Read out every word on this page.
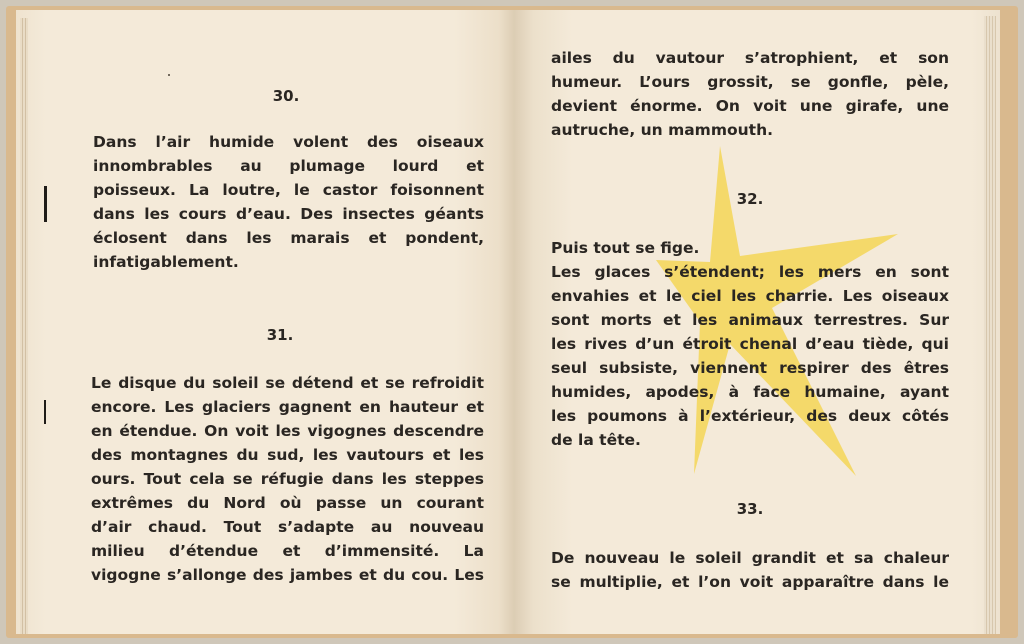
30.
Dans l’air humide volent des oiseaux
innombrables au plumage lourd et
poisseux. La loutre, le castor foisonnent
dans les cours d’eau. Des insectes géants
éclosent dans les marais et pondent,
infatigablement.
31.
Le disque du soleil se détend et se refroidit
encore. Les glaciers gagnent en hauteur et
en étendue. On voit les vigognes descendre
des montagnes du sud, les vautours et les
ours. Tout cela se réfugie dans les steppes
extrêmes du Nord où passe un courant
d’air chaud. Tout s’adapte au nouveau
milieu d’étendue et d’immensité. La
vigogne s’allonge des jambes et du cou. Les
ailes du vautour s’atrophient, et son
humeur. L’ours grossit, se gonfle, pèle,
devient énorme. On voit une girafe, une
autruche, un mammouth.
32.
Puis tout se fige.
Les glaces s’étendent; les mers en sont
envahies et le ciel les charrie. Les oiseaux
sont morts et les animaux terrestres. Sur
les rives d’un étroit chenal d’eau tiède, qui
seul subsiste, viennent respirer des êtres
humides, apodes, à face humaine, ayant
les poumons à l’extérieur, des deux côtés
de la tête.
33.
De nouveau le soleil grandit et sa chaleur
se multiplie, et l’on voit apparaître dans le
